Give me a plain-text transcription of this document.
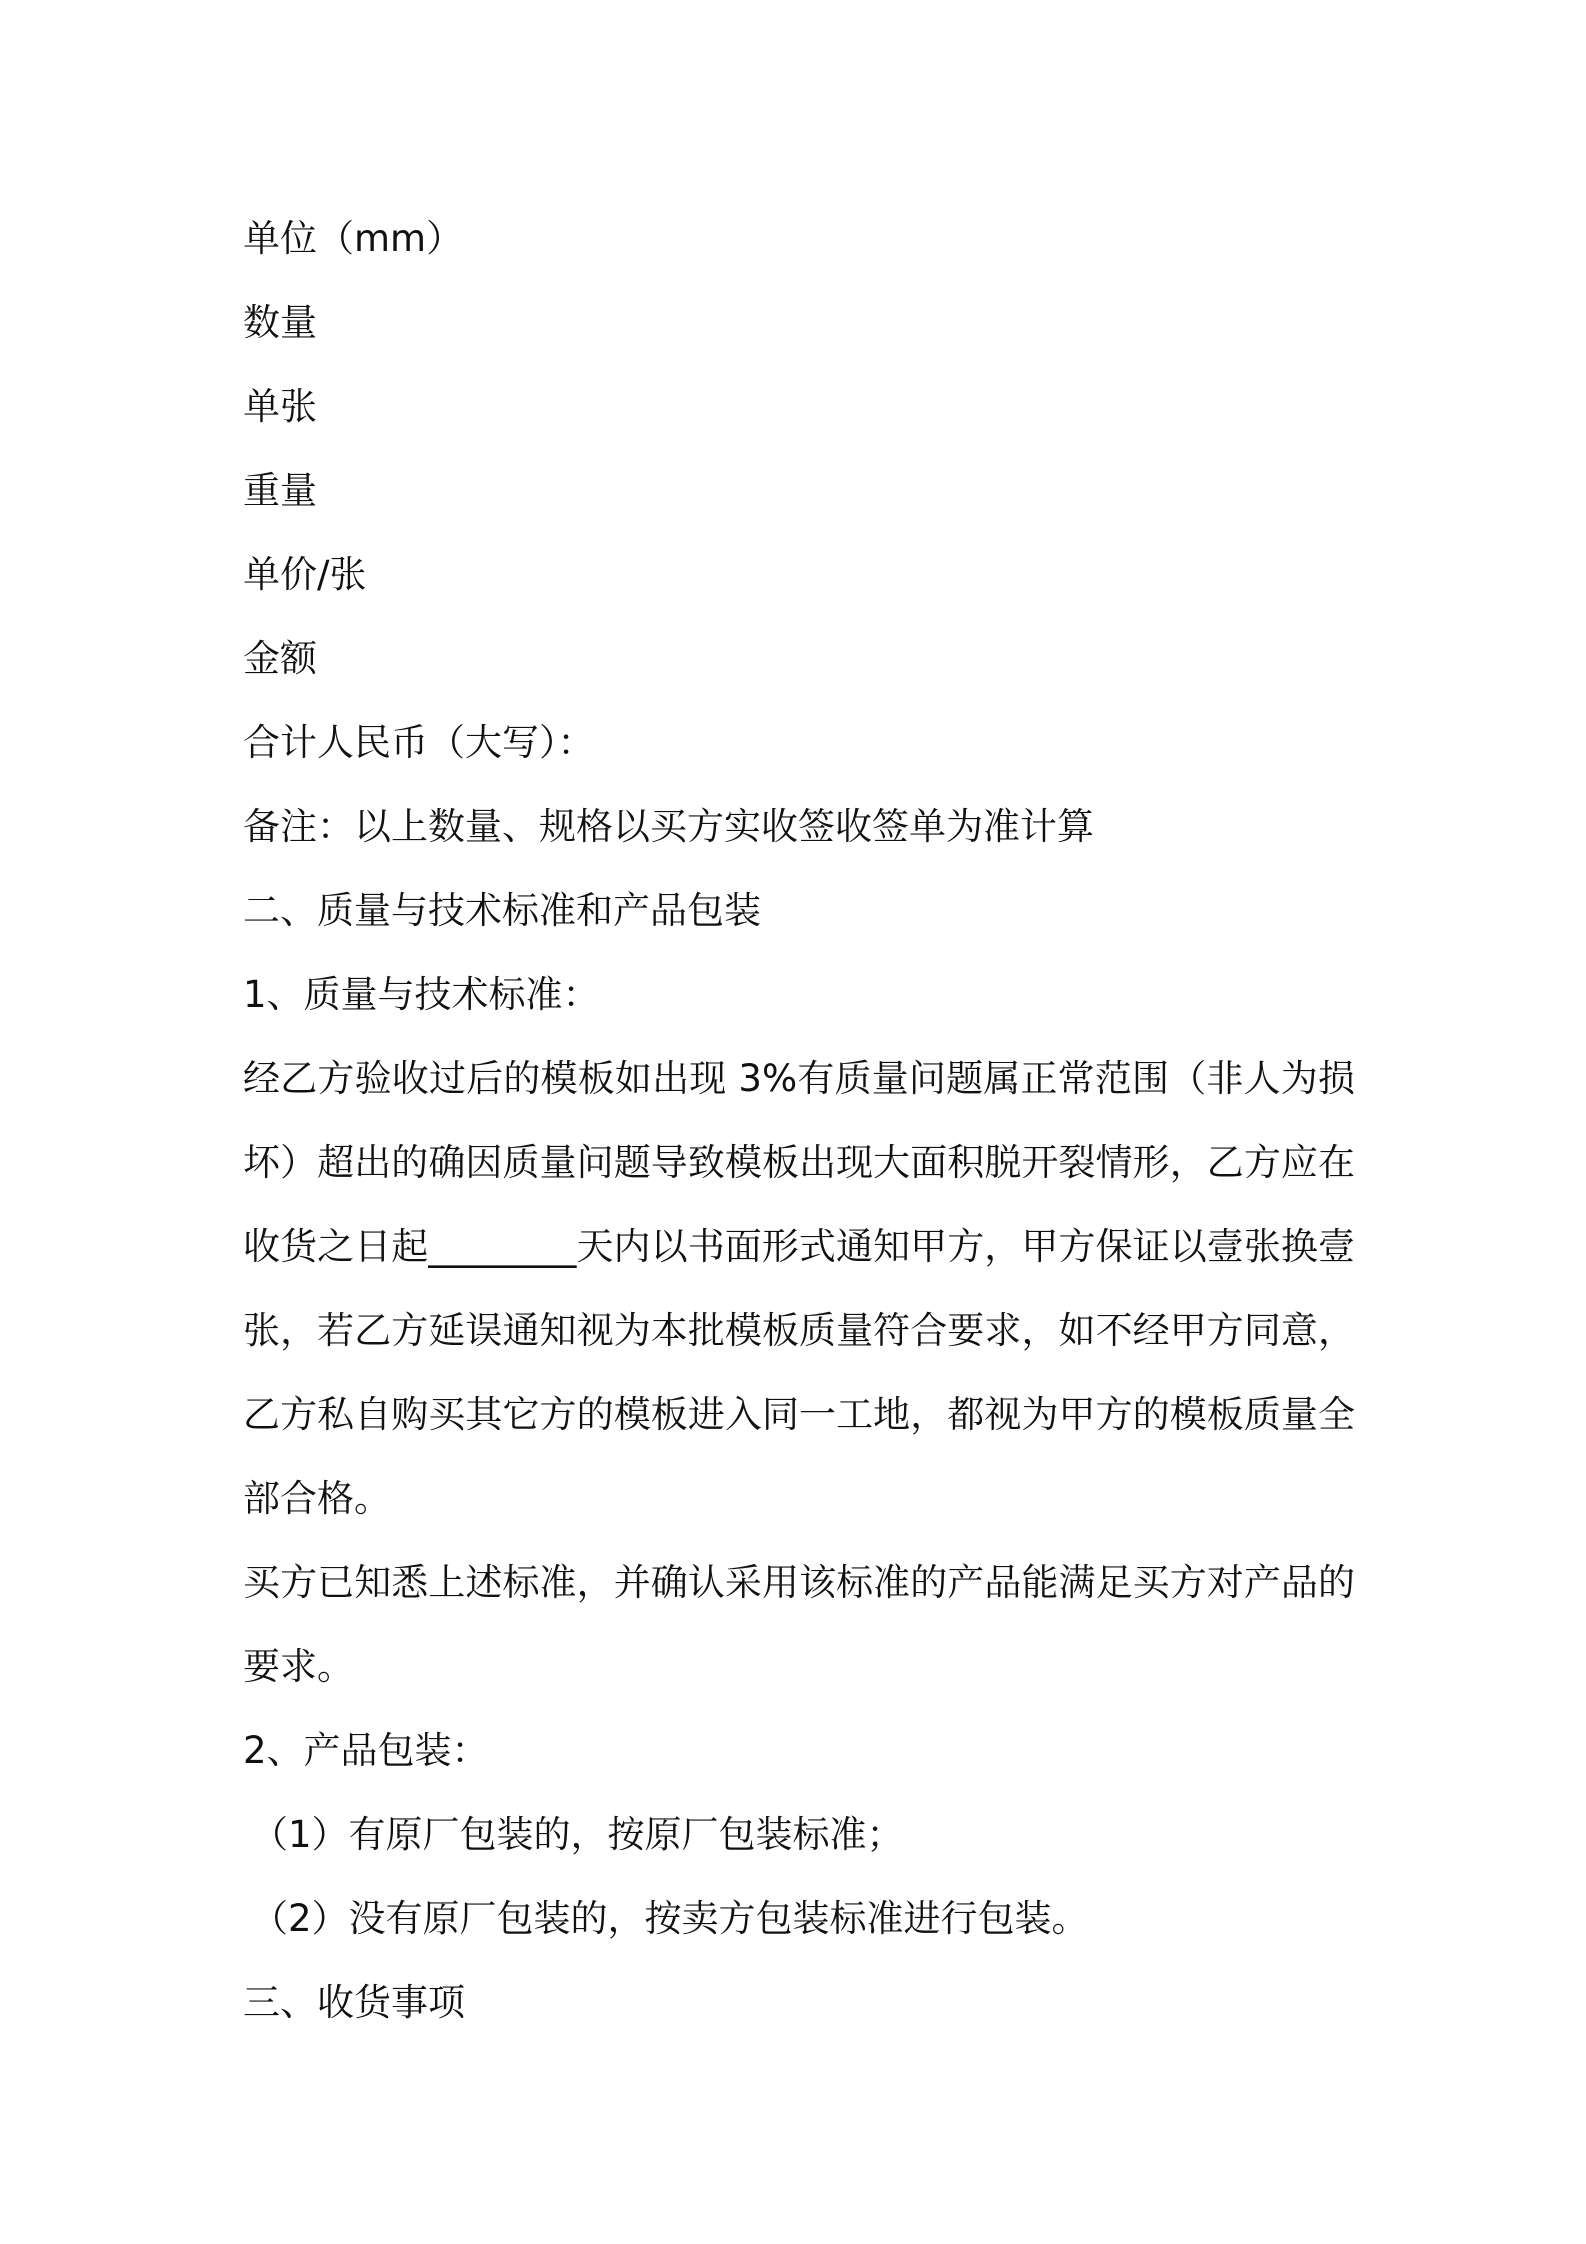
单位（mm）

数量

单张

重量

单价/张

金额

合计人民币（大写）：

备注：以上数量、规格以买方实收签收签单为准计算

二、质量与技术标准和产品包装

1、质量与技术标准：

经乙方验收过后的模板如出现 3%有质量问题属正常范围（非人为损
坏）超出的确因质量问题导致模板出现大面积脱开裂情形，乙方应在
收货之日起________天内以书面形式通知甲方，甲方保证以壹张换壹
张，若乙方延误通知视为本批模板质量符合要求，如不经甲方同意，
乙方私自购买其它方的模板进入同一工地，都视为甲方的模板质量全
部合格。
买方已知悉上述标准，并确认采用该标准的产品能满足买方对产品的
要求。

2、产品包装：

（1）有原厂包装的，按原厂包装标准；

（2）没有原厂包装的，按卖方包装标准进行包装。

三、收货事项
